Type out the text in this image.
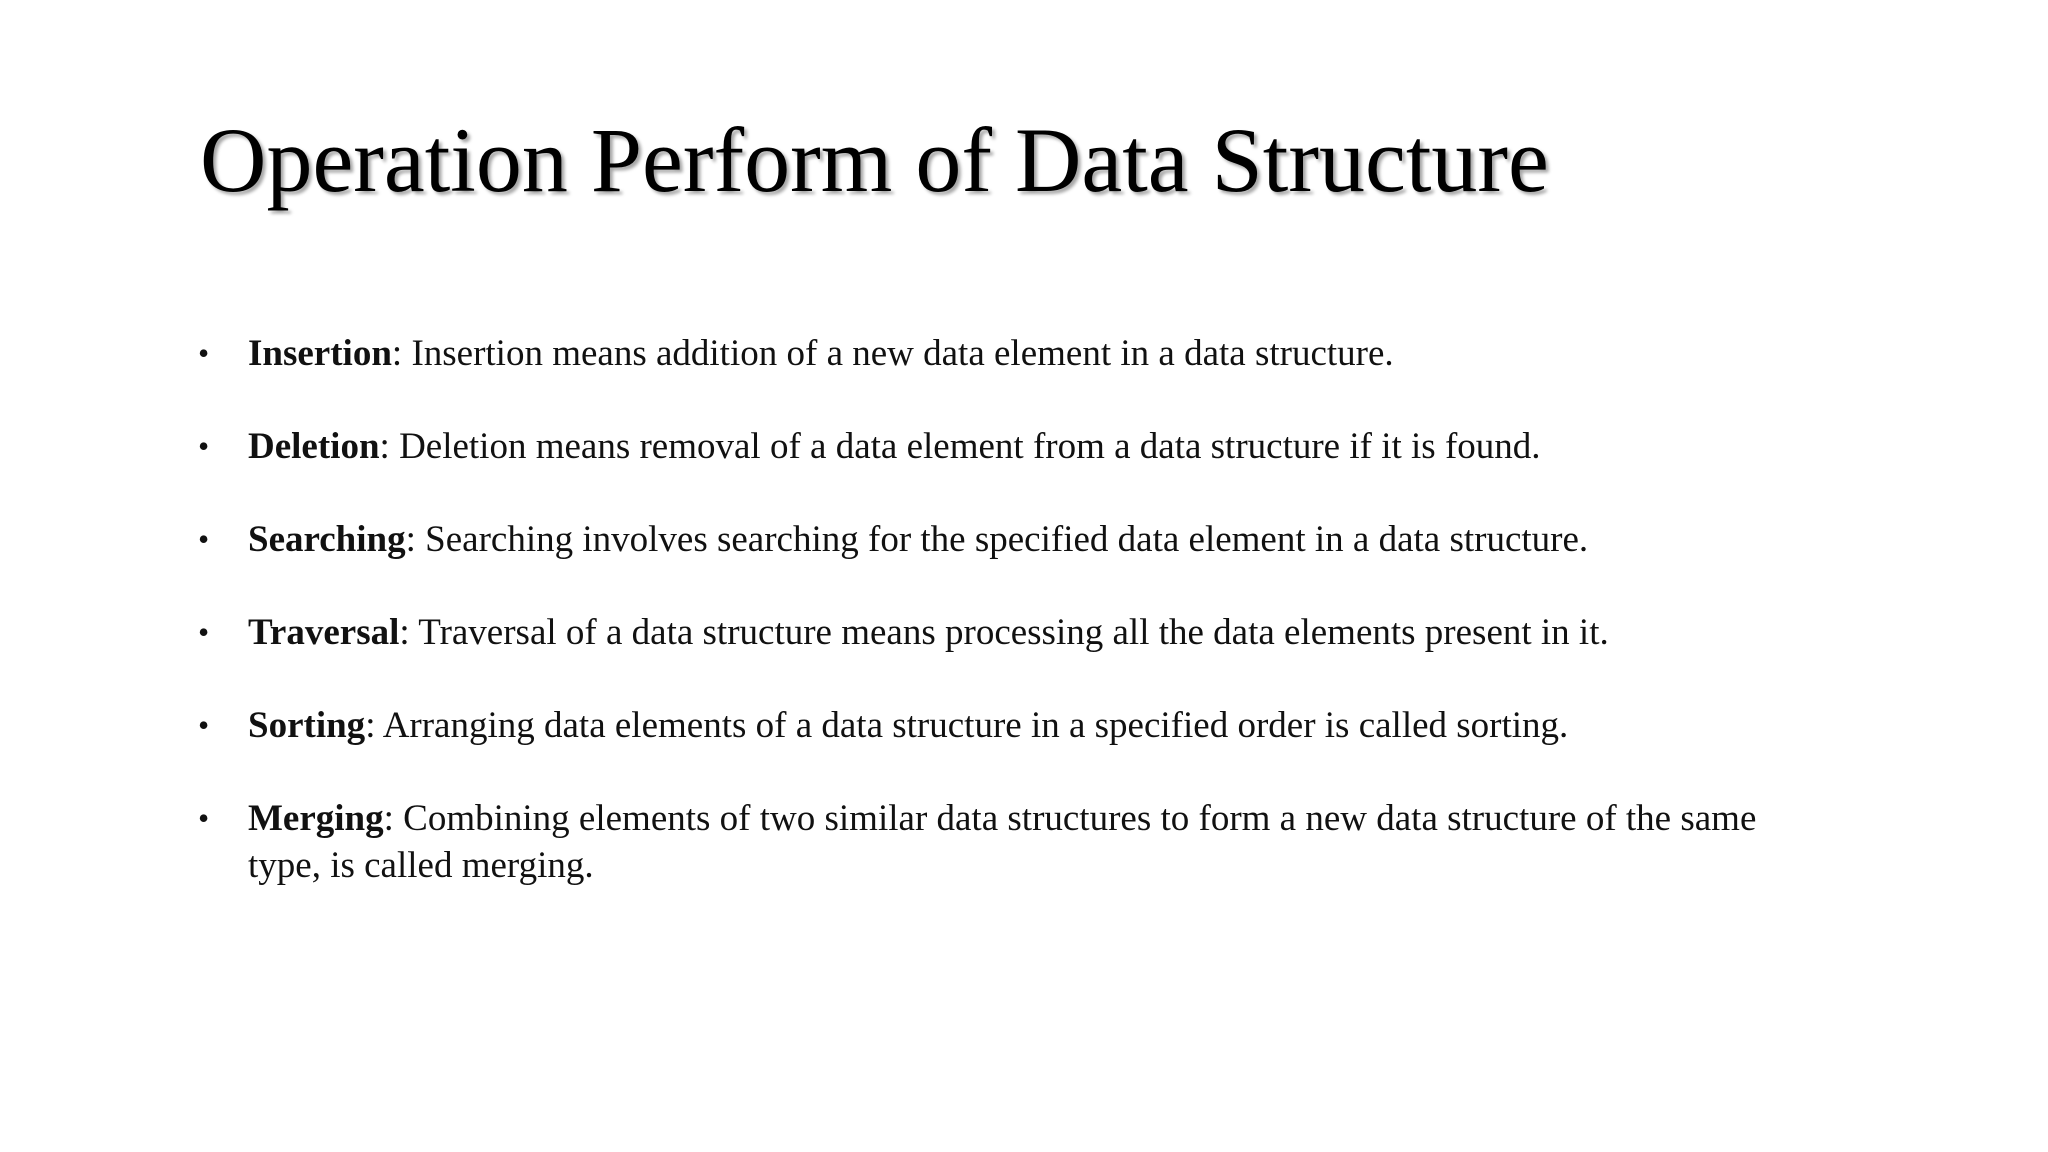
Operation Perform of Data Structure
• Insertion: Insertion means addition of a new data element in a data structure.
• Deletion: Deletion means removal of a data element from a data structure if it is found.
• Searching: Searching involves searching for the specified data element in a data structure.
• Traversal: Traversal of a data structure means processing all the data elements present in it.
• Sorting: Arranging data elements of a data structure in a specified order is called sorting.
• Merging: Combining elements of two similar data structures to form a new data structure of the same type, is called merging.
